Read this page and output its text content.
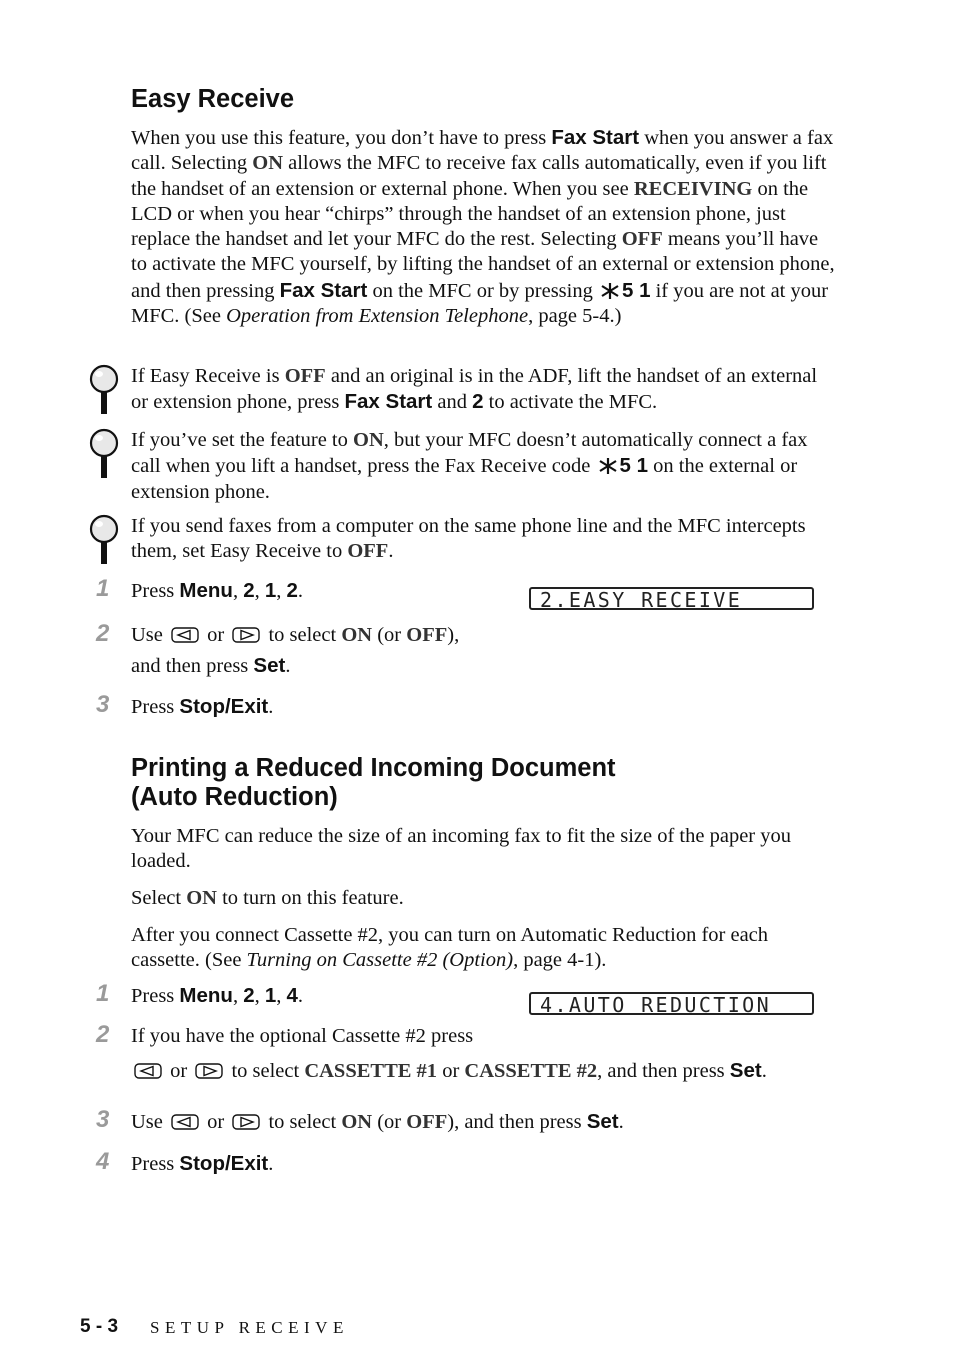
Easy Receive
When you use this feature, you don’t have to press Fax Start when you answer a fax call. Selecting ON allows the MFC to receive fax calls automatically, even if you lift the handset of an extension or external phone. When you see RECEIVING on the LCD or when you hear “chirps” through the handset of an extension phone, just replace the handset and let your MFC do the rest. Selecting OFF means you’ll have to activate the MFC yourself, by lifting the handset of an external or extension phone, and then pressing Fax Start on the MFC or by pressing 5 1 if you are not at your MFC. (See Operation from Extension Telephone, page 5-4.)
If Easy Receive is OFF and an original is in the ADF, lift the handset of an external or extension phone, press Fax Start and 2 to activate the MFC.
If you’ve set the feature to ON, but your MFC doesn’t automatically connect a fax call when you lift a handset, press the Fax Receive code 5 1 on the external or extension phone.
If you send faxes from a computer on the same phone line and the MFC intercepts them, set Easy Receive to OFF.
1 Press Menu, 2, 1, 2.	2.EASY RECEIVE
2 Use or to select ON (or OFF),
and then press Set.
3 Press Stop/Exit.
Printing a Reduced Incoming Document
(Auto Reduction)
Your MFC can reduce the size of an incoming fax to fit the size of the paper you loaded.
Select ON to turn on this feature.
After you connect Cassette #2, you can turn on Automatic Reduction for each cassette. (See Turning on Cassette #2 (Option), page 4-1).
1 Press Menu, 2, 1, 4.	4.AUTO REDUCTION
2 If you have the optional Cassette #2 press
or to select CASSETTE #1 or CASSETTE #2, and then press Set.
3 Use or to select ON (or OFF), and then press Set.
4 Press Stop/Exit.
5 - 3 SETUP RECEIVE
